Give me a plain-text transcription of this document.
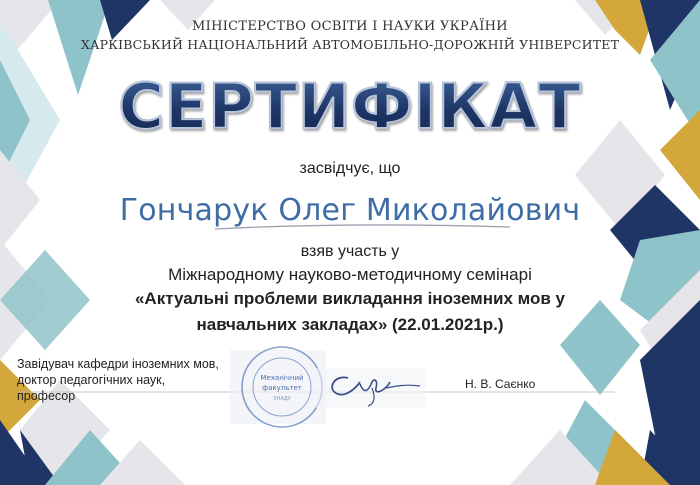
МІНІСТЕРСТВО ОСВІТИ І НАУКИ УКРАЇНИ
ХАРКІВСЬКИЙ НАЦІОНАЛЬНИЙ АВТОМОБІЛЬНО-ДОРОЖНІЙ УНІВЕРСИТЕТ
СЕРТИФІКАТ
засвідчує, що
Гончарук Олег Миколайович
взяв участь у
Міжнародному науково-методичному семінарі
«Актуальні проблеми викладання іноземних мов у
навчальних закладах» (22.01.2021р.)
Завідувач кафедри іноземних мов,
доктор педагогічних наук,
професор
Механічний
факультет
ХНАДУ
Н. В. Саєнко
